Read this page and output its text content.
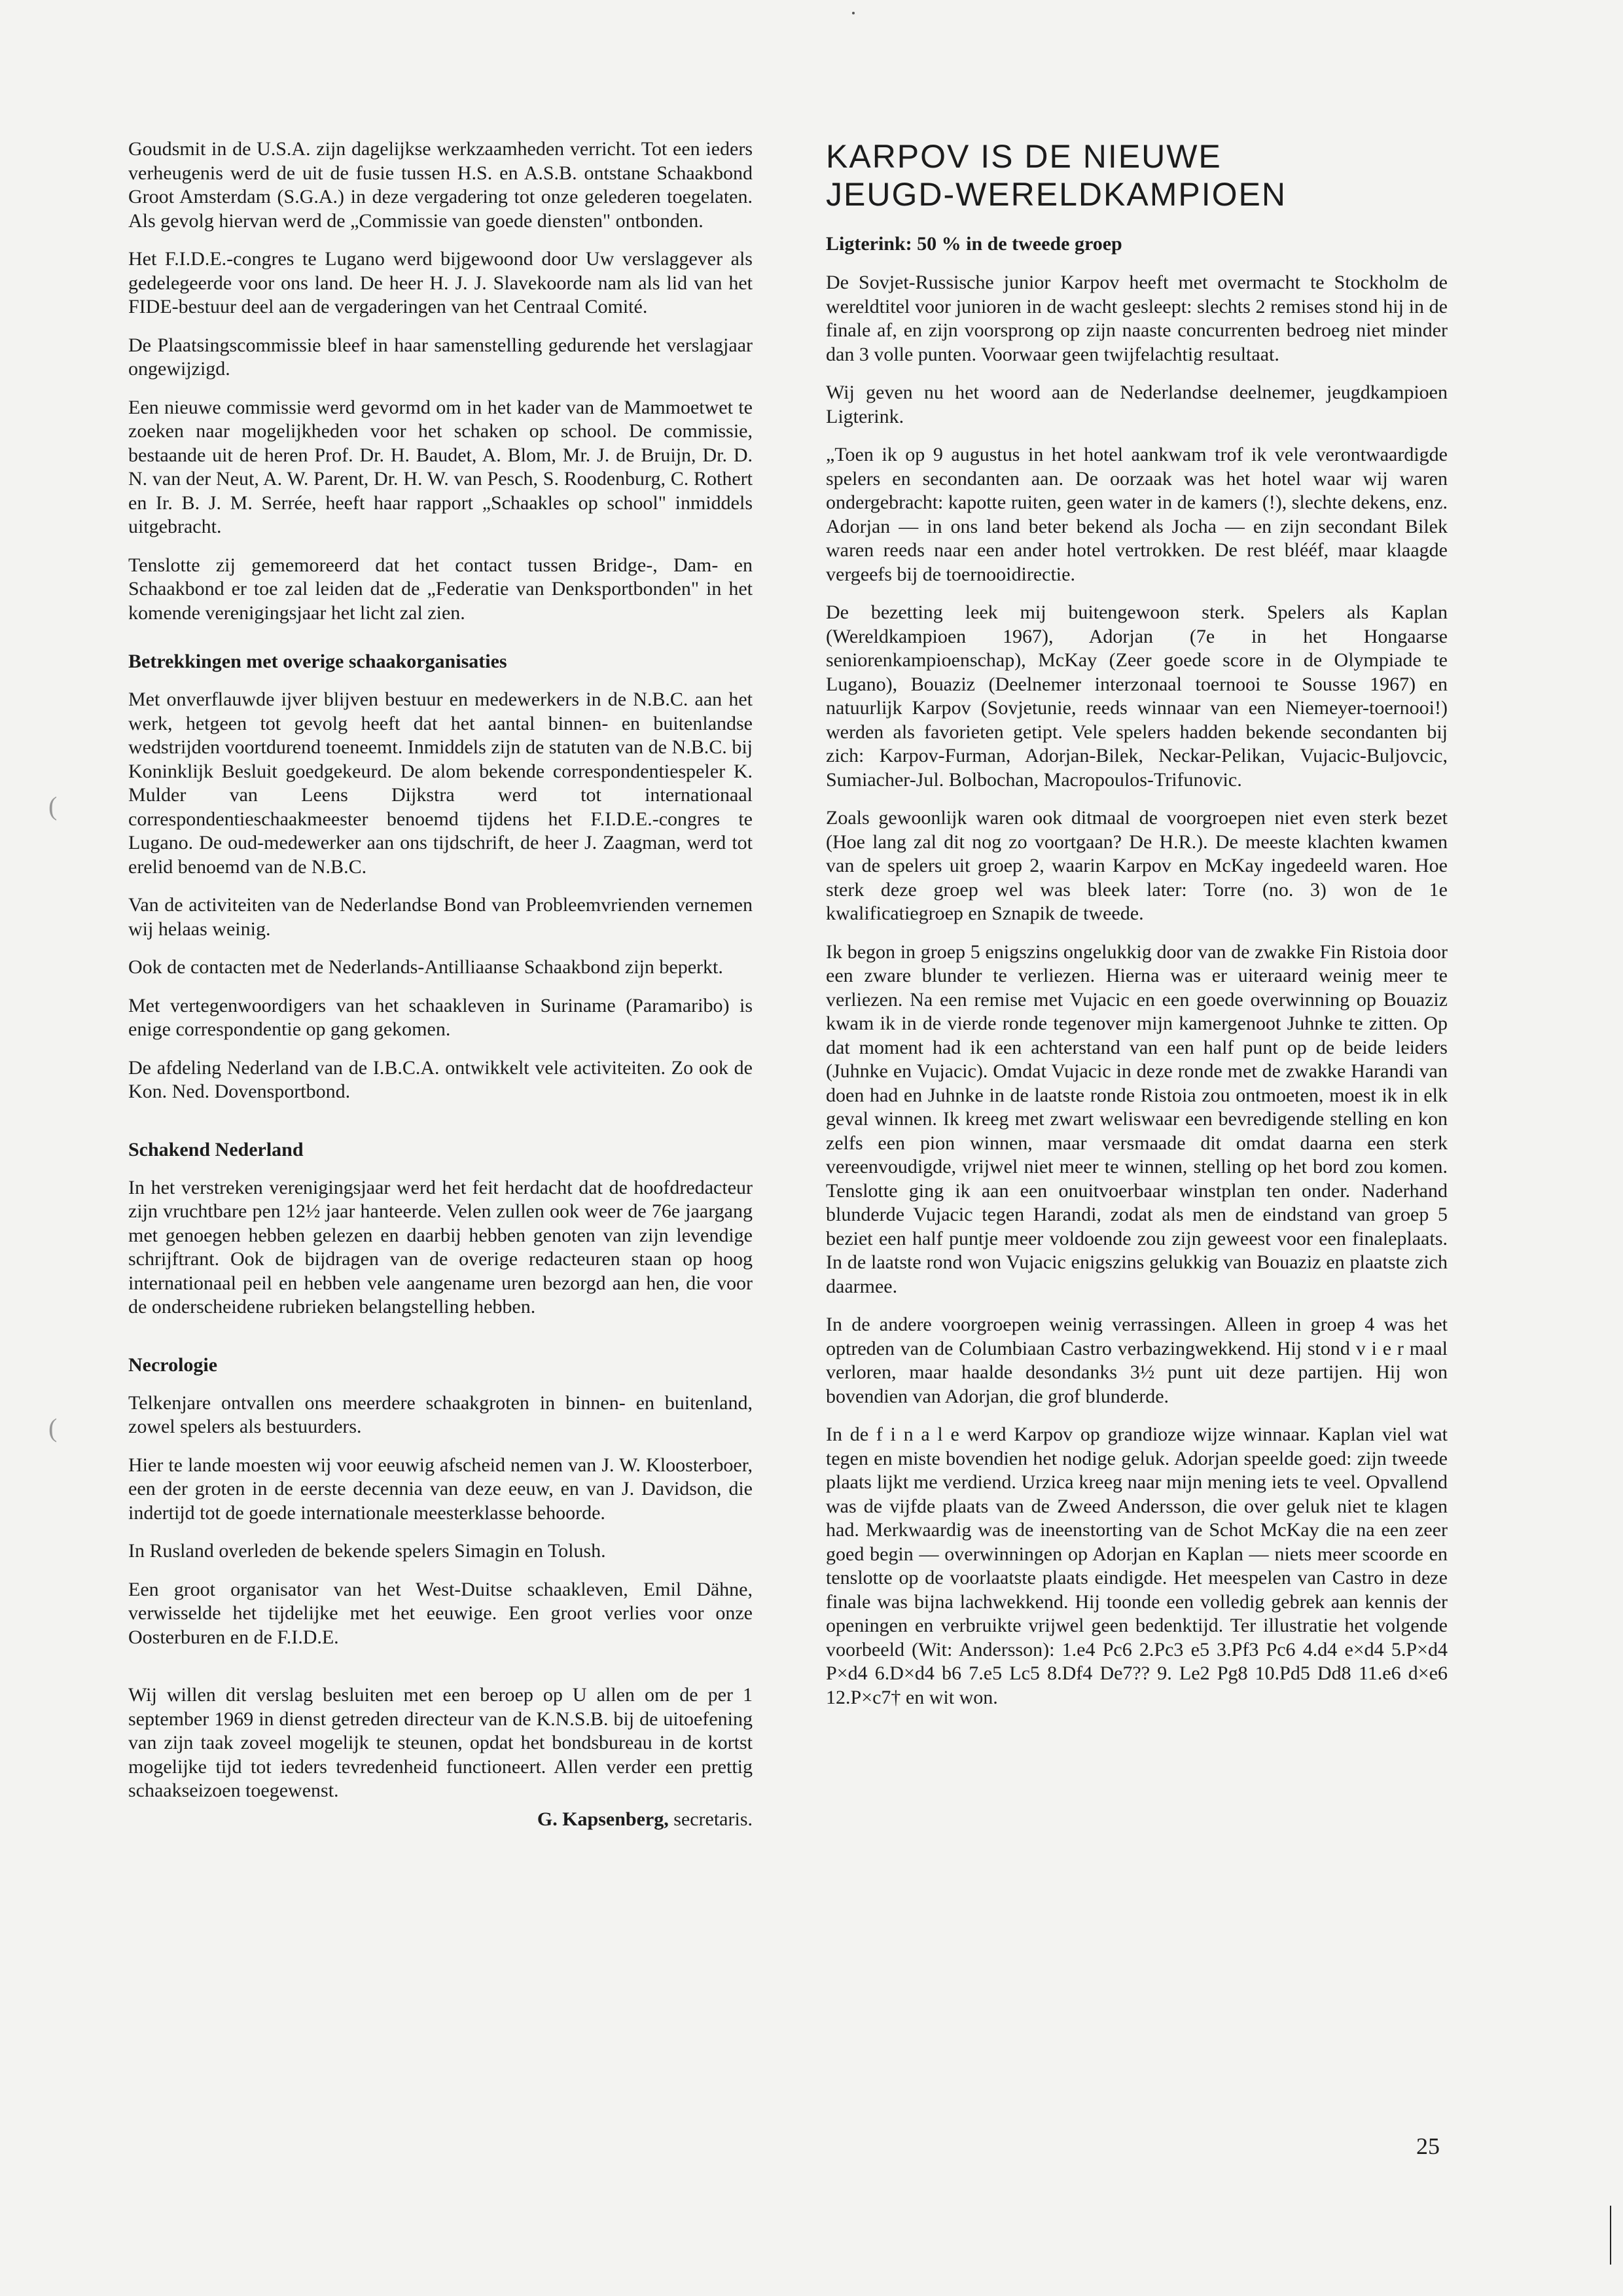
(
(

Goudsmit in de U.S.A. zijn dagelijkse werkzaamheden verricht. Tot een ieders verheugenis werd de uit de fusie tussen H.S. en A.S.B. ontstane Schaakbond Groot Amsterdam (S.G.A.) in deze vergadering tot onze gelederen toegelaten. Als gevolg hiervan werd de „Commissie van goede diensten" ontbonden.

Het F.I.D.E.-congres te Lugano werd bijgewoond door Uw verslaggever als gedelegeerde voor ons land. De heer H. J. J. Slavekoorde nam als lid van het FIDE-bestuur deel aan de vergaderingen van het Centraal Comité.

De Plaatsingscommissie bleef in haar samenstelling gedurende het verslagjaar ongewijzigd.

Een nieuwe commissie werd gevormd om in het kader van de Mammoetwet te zoeken naar mogelijkheden voor het schaken op school. De commissie, bestaande uit de heren Prof. Dr. H. Baudet, A. Blom, Mr. J. de Bruijn, Dr. D. N. van der Neut, A. W. Parent, Dr. H. W. van Pesch, S. Roodenburg, C. Rothert en Ir. B. J. M. Serrée, heeft haar rapport „Schaakles op school" inmiddels uitgebracht.

Tenslotte zij gememoreerd dat het contact tussen Bridge-, Dam- en Schaakbond er toe zal leiden dat de „Federatie van Denksportbonden" in het komende verenigingsjaar het licht zal zien.

Betrekkingen met overige schaakorganisaties

Met onverflauwde ijver blijven bestuur en medewerkers in de N.B.C. aan het werk, hetgeen tot gevolg heeft dat het aantal binnen- en buitenlandse wedstrijden voortdurend toeneemt. Inmiddels zijn de statuten van de N.B.C. bij Koninklijk Besluit goedgekeurd. De alom bekende correspondentiespeler K. Mulder van Leens Dijkstra werd tot internationaal correspondentieschaakmeester benoemd tijdens het F.I.D.E.-congres te Lugano. De oud-medewerker aan ons tijdschrift, de heer J. Zaagman, werd tot erelid benoemd van de N.B.C.

Van de activiteiten van de Nederlandse Bond van Probleemvrienden vernemen wij helaas weinig.

Ook de contacten met de Nederlands-Antilliaanse Schaakbond zijn beperkt.

Met vertegenwoordigers van het schaakleven in Suriname (Paramaribo) is enige correspondentie op gang gekomen.

De afdeling Nederland van de I.B.C.A. ontwikkelt vele activiteiten. Zo ook de Kon. Ned. Dovensportbond.

Schakend Nederland

In het verstreken verenigingsjaar werd het feit herdacht dat de hoofdredacteur zijn vruchtbare pen 12½ jaar hanteerde. Velen zullen ook weer de 76e jaargang met genoegen hebben gelezen en daarbij hebben genoten van zijn levendige schrijftrant. Ook de bijdragen van de overige redacteuren staan op hoog internationaal peil en hebben vele aangename uren bezorgd aan hen, die voor de onderscheidene rubrieken belangstelling hebben.

Necrologie

Telkenjare ontvallen ons meerdere schaakgroten in binnen- en buitenland, zowel spelers als bestuurders.

Hier te lande moesten wij voor eeuwig afscheid nemen van J. W. Kloosterboer, een der groten in de eerste decennia van deze eeuw, en van J. Davidson, die indertijd tot de goede internationale meesterklasse behoorde.

In Rusland overleden de bekende spelers Simagin en Tolush.

Een groot organisator van het West-Duitse schaakleven, Emil Dähne, verwisselde het tijdelijke met het eeuwige. Een groot verlies voor onze Oosterburen en de F.I.D.E.

Wij willen dit verslag besluiten met een beroep op U allen om de per 1 september 1969 in dienst getreden directeur van de K.N.S.B. bij de uitoefening van zijn taak zoveel mogelijk te steunen, opdat het bondsbureau in de kortst mogelijke tijd tot ieders tevredenheid functioneert. Allen verder een prettig schaakseizoen toegewenst.

G. Kapsenberg, secretaris.
KARPOV IS DE NIEUWE
JEUGD-WERELDKAMPIOEN
Ligterink: 50 % in de tweede groep

De Sovjet-Russische junior Karpov heeft met overmacht te Stockholm de wereldtitel voor junioren in de wacht gesleept: slechts 2 remises stond hij in de finale af, en zijn voorsprong op zijn naaste concurrenten bedroeg niet minder dan 3 volle punten. Voorwaar geen twijfelachtig resultaat.

Wij geven nu het woord aan de Nederlandse deelnemer, jeugdkampioen Ligterink.

„Toen ik op 9 augustus in het hotel aankwam trof ik vele verontwaardigde spelers en secondanten aan. De oorzaak was het hotel waar wij waren ondergebracht: kapotte ruiten, geen water in de kamers (!), slechte dekens, enz. Adorjan — in ons land beter bekend als Jocha — en zijn secondant Bilek waren reeds naar een ander hotel vertrokken. De rest blééf, maar klaagde vergeefs bij de toernooidirectie.

De bezetting leek mij buitengewoon sterk. Spelers als Kaplan (Wereldkampioen 1967), Adorjan (7e in het Hongaarse seniorenkampioenschap), McKay (Zeer goede score in de Olympiade te Lugano), Bouaziz (Deelnemer interzonaal toernooi te Sousse 1967) en natuurlijk Karpov (Sovjetunie, reeds winnaar van een Niemeyer-toernooi!) werden als favorieten getipt. Vele spelers hadden bekende secondanten bij zich: Karpov-Furman, Adorjan-Bilek, Neckar-Pelikan, Vujacic-Buljovcic, Sumiacher-Jul. Bolbochan, Macropoulos-Trifunovic.

Zoals gewoonlijk waren ook ditmaal de voorgroepen niet even sterk bezet (Hoe lang zal dit nog zo voortgaan? De H.R.). De meeste klachten kwamen van de spelers uit groep 2, waarin Karpov en McKay ingedeeld waren. Hoe sterk deze groep wel was bleek later: Torre (no. 3) won de 1e kwalificatiegroep en Sznapik de tweede.

Ik begon in groep 5 enigszins ongelukkig door van de zwakke Fin Ristoia door een zware blunder te verliezen. Hierna was er uiteraard weinig meer te verliezen. Na een remise met Vujacic en een goede overwinning op Bouaziz kwam ik in de vierde ronde tegenover mijn kamergenoot Juhnke te zitten. Op dat moment had ik een achterstand van een half punt op de beide leiders (Juhnke en Vujacic). Omdat Vujacic in deze ronde met de zwakke Harandi van doen had en Juhnke in de laatste ronde Ristoia zou ontmoeten, moest ik in elk geval winnen. Ik kreeg met zwart weliswaar een bevredigende stelling en kon zelfs een pion winnen, maar versmaade dit omdat daarna een sterk vereenvoudigde, vrijwel niet meer te winnen, stelling op het bord zou komen. Tenslotte ging ik aan een onuitvoerbaar winstplan ten onder. Naderhand blunderde Vujacic tegen Harandi, zodat als men de eindstand van groep 5 beziet een half puntje meer voldoende zou zijn geweest voor een finaleplaats. In de laatste rond won Vujacic enigszins gelukkig van Bouaziz en plaatste zich daarmee.

In de andere voorgroepen weinig verrassingen. Alleen in groep 4 was het optreden van de Columbiaan Castro verbazingwekkend. Hij stond v i e r maal verloren, maar haalde desondanks 3½ punt uit deze partijen. Hij won bovendien van Adorjan, die grof blunderde.

In de f i n a l e werd Karpov op grandioze wijze winnaar. Kaplan viel wat tegen en miste bovendien het nodige geluk. Adorjan speelde goed: zijn tweede plaats lijkt me verdiend. Urzica kreeg naar mijn mening iets te veel. Opvallend was de vijfde plaats van de Zweed Andersson, die over geluk niet te klagen had. Merkwaardig was de ineenstorting van de Schot McKay die na een zeer goed begin — overwinningen op Adorjan en Kaplan — niets meer scoorde en tenslotte op de voorlaatste plaats eindigde. Het meespelen van Castro in deze finale was bijna lachwekkend. Hij toonde een volledig gebrek aan kennis der openingen en verbruikte vrijwel geen bedenktijd. Ter illustratie het volgende voorbeeld (Wit: Andersson): 1.e4 Pc6 2.Pc3 e5 3.Pf3 Pc6 4.d4 e×d4 5.P×d4 P×d4 6.D×d4 b6 7.e5 Lc5 8.Df4 De7?? 9. Le2 Pg8 10.Pd5 Dd8 11.e6 d×e6 12.P×c7† en wit won.

25
